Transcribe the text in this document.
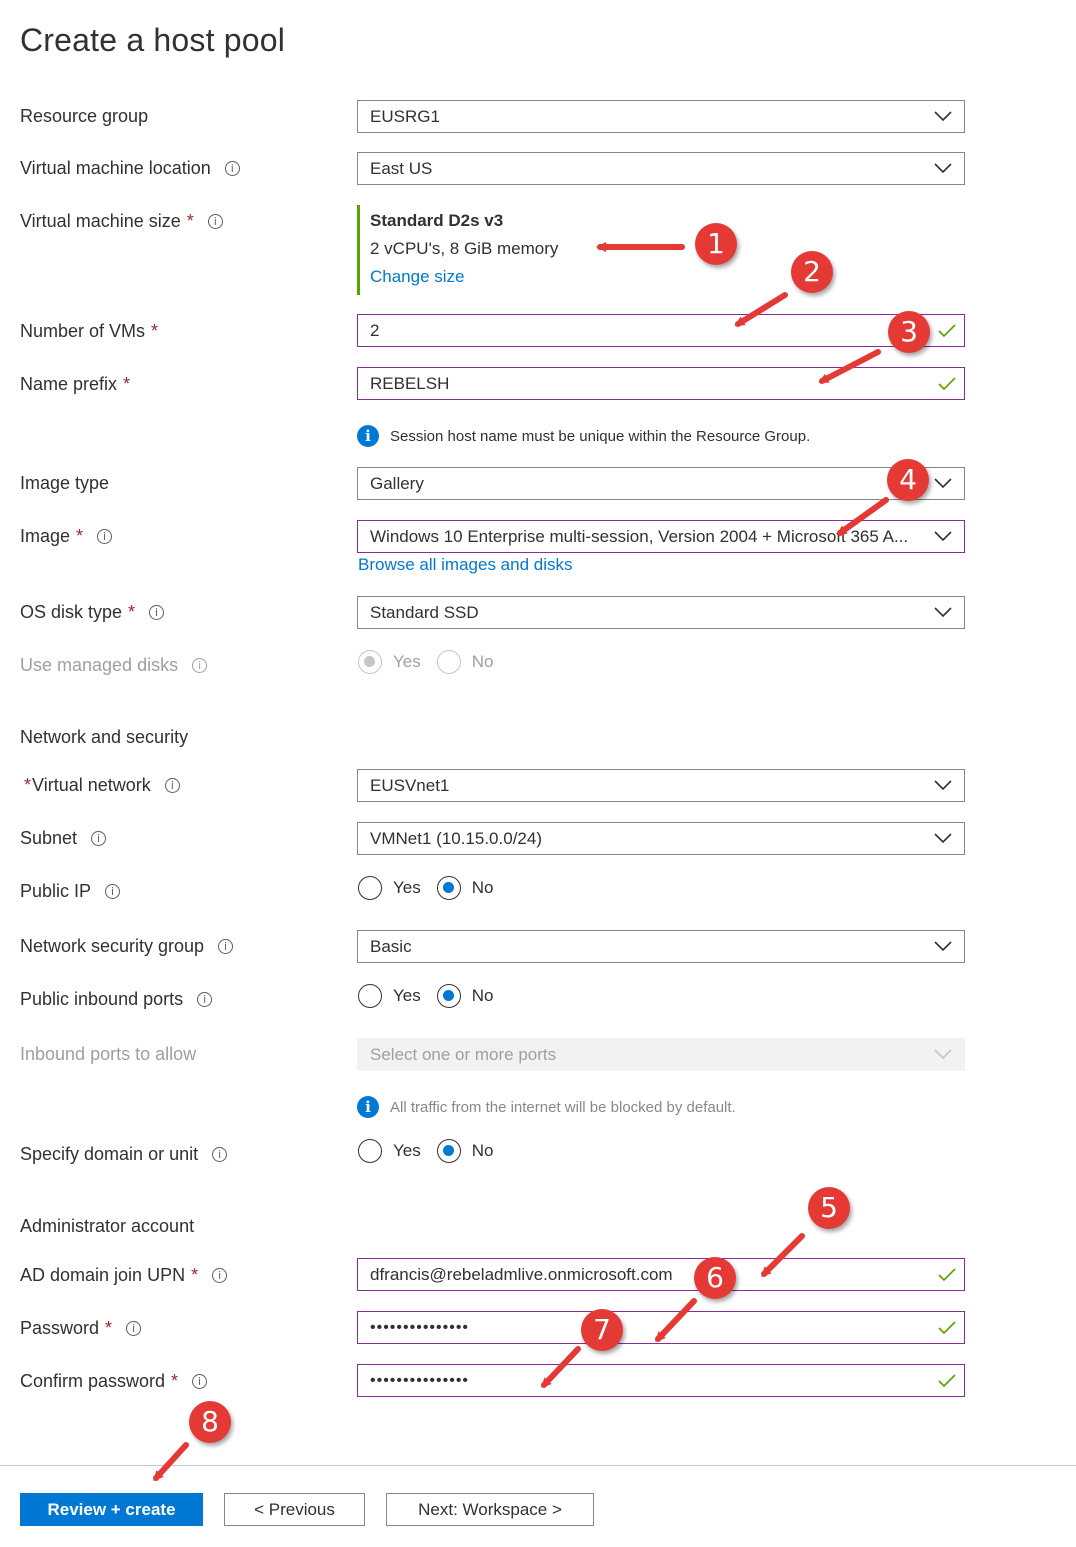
Create a host pool
Resource group	EUSRG1
Virtual machine location	i	East US
Virtual machine size *	i	Standard D2s v3
2 vCPU's, 8 GiB memory
Change size
Number of VMs *	2
Name prefix *	REBELSH
i	Session host name must be unique within the Resource Group.
Image type	Gallery
Image *	i	Windows 10 Enterprise multi-session, Version 2004 + Microsoft 365 A...
Browse all images and disks
OS disk type *	i	Standard SSD
Use managed disks	i	Yes	No
Network and security
* Virtual network	i	EUSVnet1
Subnet	i	VMNet1 (10.15.0.0/24)
Public IP	i	Yes	No
Network security group	i	Basic
Public inbound ports	i	Yes	No
Inbound ports to allow	Select one or more ports
i	All traffic from the internet will be blocked by default.
Specify domain or unit	i	Yes	No
Administrator account
AD domain join UPN *	i	dfrancis@rebeladmlive.onmicrosoft.com
Password *	i	•••••••••••••••
Confirm password *	i	•••••••••••••••
Review + create	< Previous	Next: Workspace >
1
2
3
4
5
6
7
8
